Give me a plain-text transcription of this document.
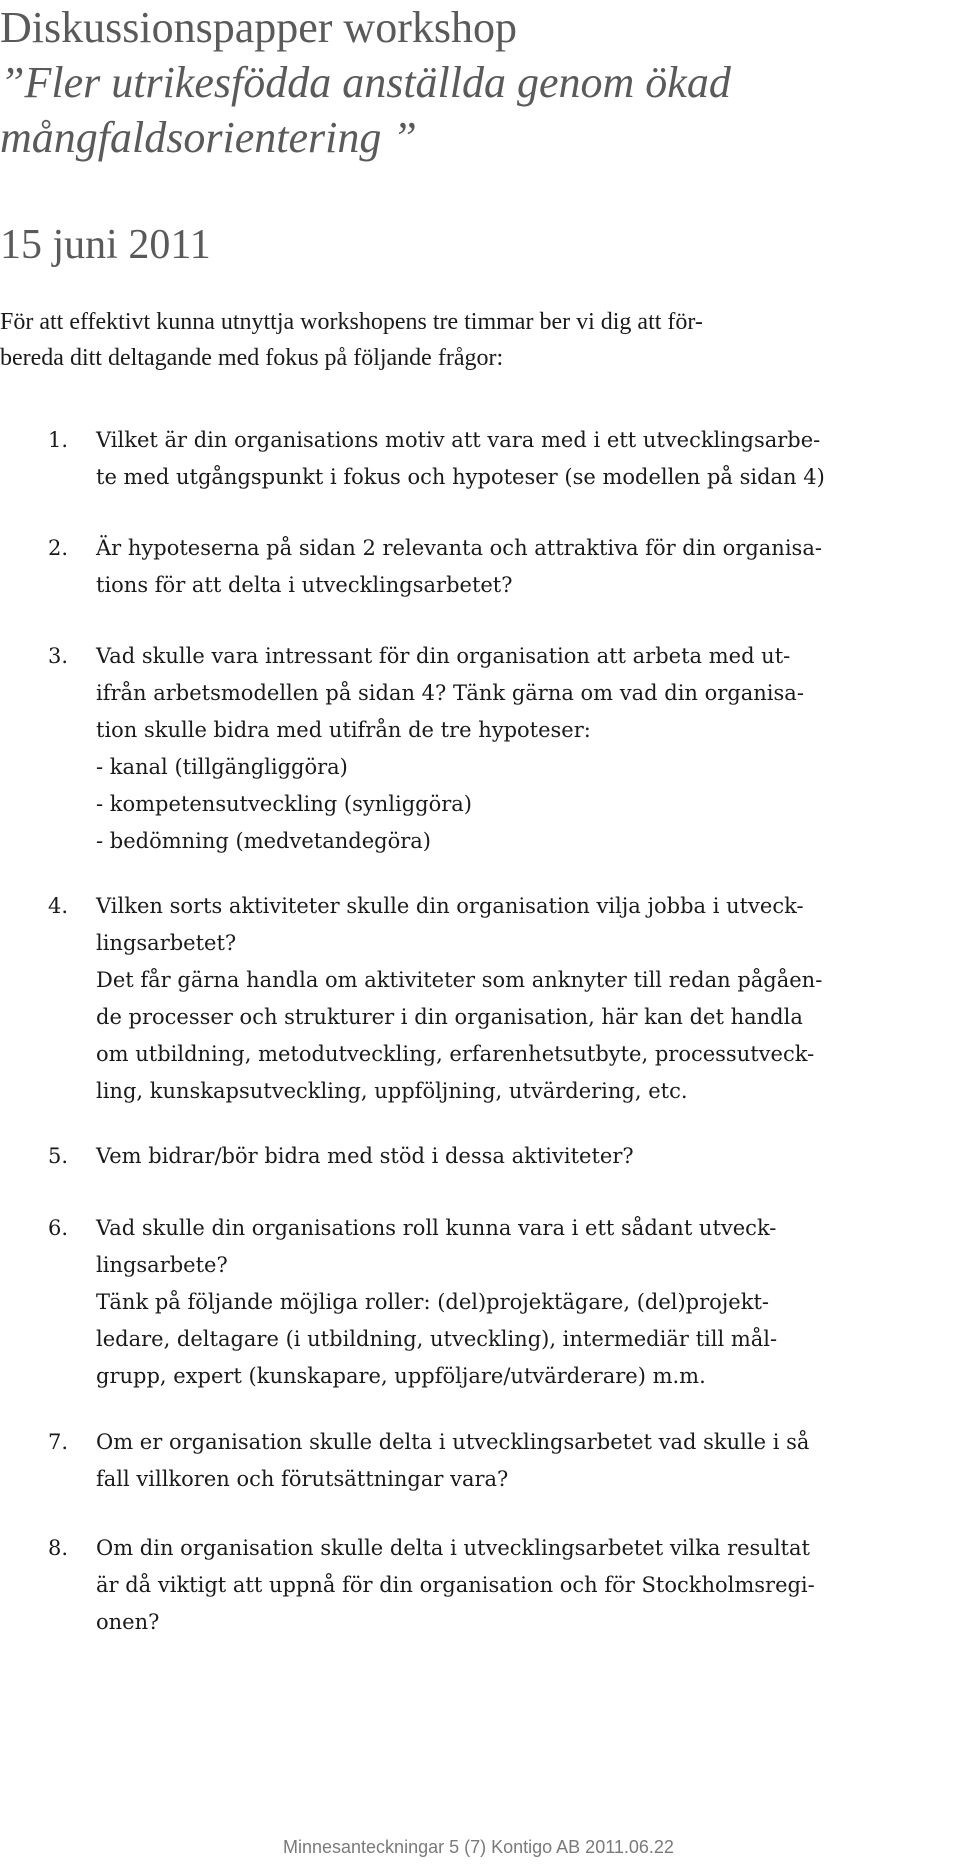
Diskussionspapper workshop
”Fler utrikesfödda anställda genom ökad
mångfaldsorientering ”
15 juni 2011

För att effektivt kunna utnyttja workshopens tre timmar ber vi dig att för-
bereda ditt deltagande med fokus på följande frågor:

1.	Vilket är din organisations motiv att vara med i ett utvecklingsarbe-
te med utgångspunkt i fokus och hypoteser (se modellen på sidan 4)
2.	Är hypoteserna på sidan 2 relevanta och attraktiva för din organisa-
tions för att delta i utvecklingsarbetet?
3.	Vad skulle vara intressant för din organisation att arbeta med ut-
ifrån arbetsmodellen på sidan 4? Tänk gärna om vad din organisa-
tion skulle bidra med utifrån de tre hypoteser:
- kanal (tillgängliggöra)
- kompetensutveckling (synliggöra)
- bedömning (medvetandegöra)
4.	Vilken sorts aktiviteter skulle din organisation vilja jobba i utveck-
lingsarbetet?
Det får gärna handla om aktiviteter som anknyter till redan pågåen-
de processer och strukturer i din organisation, här kan det handla
om utbildning, metodutveckling, erfarenhetsutbyte, processutveck-
ling, kunskapsutveckling, uppföljning, utvärdering, etc.
5.	Vem bidrar/bör bidra med stöd i dessa aktiviteter?
6.	Vad skulle din organisations roll kunna vara i ett sådant utveck-
lingsarbete?
Tänk på följande möjliga roller: (del)projektägare, (del)projekt-
ledare, deltagare (i utbildning, utveckling), intermediär till mål-
grupp, expert (kunskapare, uppföljare/utvärderare) m.m.
7.	Om er organisation skulle delta i utvecklingsarbetet vad skulle i så
fall villkoren och förutsättningar vara?
8.	Om din organisation skulle delta i utvecklingsarbetet vilka resultat
är då viktigt att uppnå för din organisation och för Stockholmsregi-
onen?
Minnesanteckningar 5 (7) Kontigo AB 2011.06.22
